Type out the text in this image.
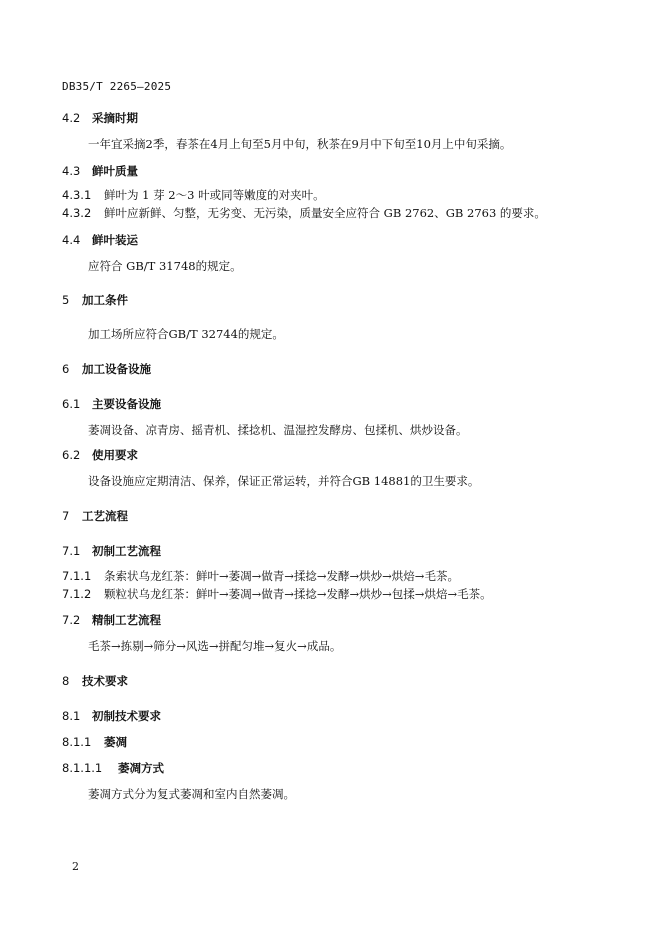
DB35/T 2265—2025
4.2 采摘时期
一年宜采摘2季，春茶在4月上旬至5月中旬，秋茶在9月中下旬至10月上中旬采摘。
4.3 鲜叶质量
4.3.1 鲜叶为 1 芽 2～3 叶或同等嫩度的对夹叶。
4.3.2 鲜叶应新鲜、匀整，无劣变、无污染，质量安全应符合 GB 2762、GB 2763 的要求。
4.4 鲜叶装运
应符合 GB/T 31748的规定。
5 加工条件
加工场所应符合GB/T 32744的规定。
6 加工设备设施
6.1 主要设备设施
萎凋设备、凉青房、摇青机、揉捻机、温湿控发酵房、包揉机、烘炒设备。
6.2 使用要求
设备设施应定期清洁、保养，保证正常运转，并符合GB 14881的卫生要求。
7 工艺流程
7.1 初制工艺流程
7.1.1 条索状乌龙红茶：鲜叶→萎凋→做青→揉捻→发酵→烘炒→烘焙→毛茶。
7.1.2 颗粒状乌龙红茶：鲜叶→萎凋→做青→揉捻→发酵→烘炒→包揉→烘焙→毛茶。
7.2 精制工艺流程
毛茶→拣剔→筛分→风选→拼配匀堆→复火→成品。
8 技术要求
8.1 初制技术要求
8.1.1 萎凋
8.1.1.1 萎凋方式
萎凋方式分为复式萎凋和室内自然萎凋。
2
